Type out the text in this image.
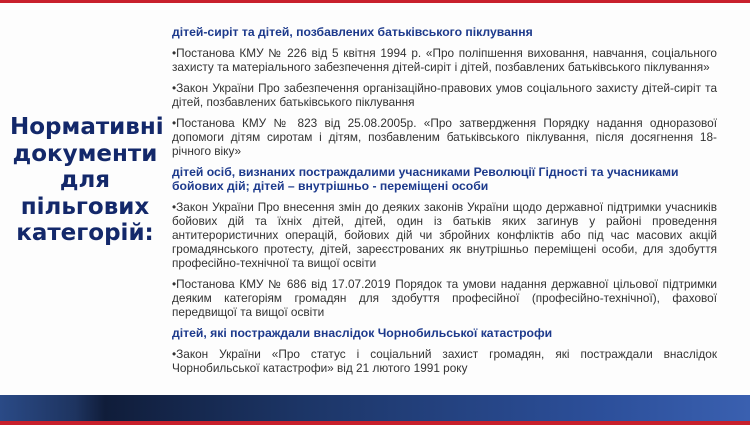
Нормативні документи для пільгових категорій:
дітей-сиріт та дітей, позбавлених батьківського піклування
•Постанова КМУ № 226 від 5 квітня 1994 р. «Про поліпшення виховання, навчання, соціального захисту та матеріального забезпечення дітей-сиріт і дітей, позбавлених батьківського піклування»
•Закон України Про забезпечення організаційно-правових умов соціального захисту дітей-сиріт та дітей, позбавлених батьківського піклування
•Постанова КМУ № 823 від 25.08.2005р. «Про затвердження Порядку надання одноразової допомоги дітям сиротам і дітям, позбавленим батьківського піклування, після досягнення 18-річного віку»
дітей осіб, визнаних постраждалими учасниками Революції Гідності та учасниками бойових дій; дітей – внутрішньо - переміщені особи
•Закон України Про внесення змін до деяких законів України щодо державної підтримки учасників бойових дій та їхніх дітей, дітей, один із батьків яких загинув у районі проведення антитерористичних операцій, бойових дій чи збройних конфліктів або під час масових акцій громадянського протесту, дітей, зареєстрованих як внутрішньо переміщені особи, для здобуття професійно-технічної та вищої освіти
•Постанова КМУ № 686 від 17.07.2019 Порядок та умови надання державної цільової підтримки деяким категоріям громадян для здобуття професійної (професійно-технічної), фахової передвищої та вищої освіти
дітей, які постраждали внаслідок Чорнобильської катастрофи
•Закон України «Про статус і соціальний захист громадян, які постраждали внаслідок Чорнобильської катастрофи» від 21 лютого 1991 року
